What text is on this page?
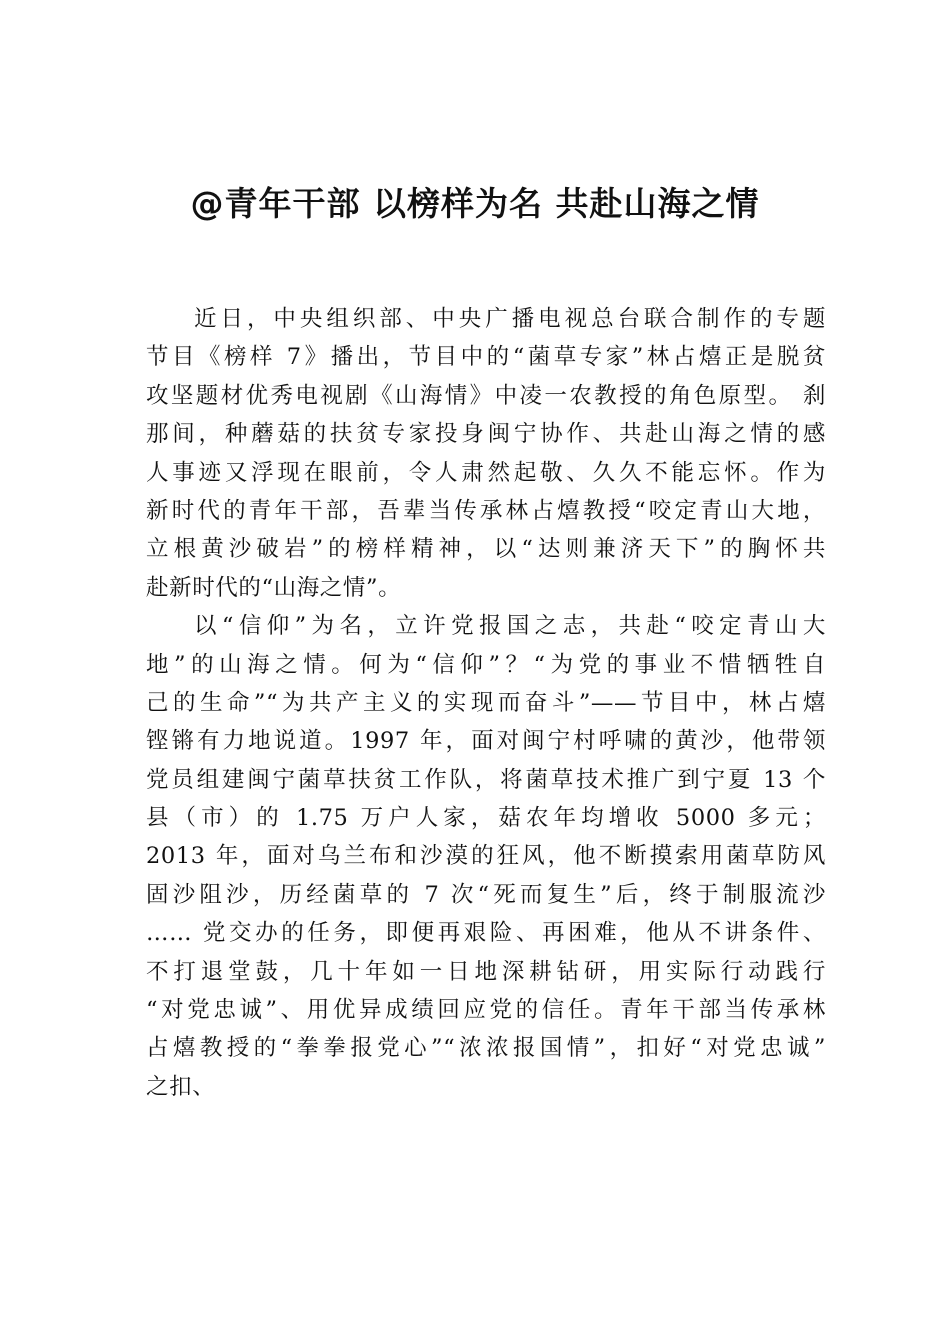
@青年干部 以榜样为名 共赴山海之情
近日，中央组织部、中央广播电视总台联合制作的专题
节目《榜样 7》播出，节目中的“菌草专家”林占熺正是脱贫
攻坚题材优秀电视剧《山海情》中凌一农教授的角色原型。 刹
那间，种蘑菇的扶贫专家投身闽宁协作、共赴山海之情的感
人事迹又浮现在眼前，令人肃然起敬、久久不能忘怀。作为
新时代的青年干部，吾辈当传承林占熺教授“咬定青山大地，
立根黄沙破岩”的榜样精神，以“达则兼济天下”的胸怀共
赴新时代的“山海之情”。
以“信仰”为名，立许党报国之志，共赴“咬定青山大
地”的山海之情。何为“信仰”？“为党的事业不惜牺牲自
己的生命”“为共产主义的实现而奋斗”——节目中，林占熺
铿锵有力地说道。1997 年，面对闽宁村呼啸的黄沙，他带领
党员组建闽宁菌草扶贫工作队，将菌草技术推广到宁夏 13 个
县（市）的 1.75 万户人家，菇农年均增收 5000 多元；
2013 年，面对乌兰布和沙漠的狂风，他不断摸索用菌草防风
固沙阻沙，历经菌草的 7 次“死而复生”后，终于制服流沙
…… 党交办的任务，即便再艰险、再困难，他从不讲条件、
不打退堂鼓，几十年如一日地深耕钻研，用实际行动践行
“对党忠诚”、用优异成绩回应党的信任。青年干部当传承林
占熺教授的“拳拳报党心”“浓浓报国情”，扣好“对党忠诚”
之扣、
